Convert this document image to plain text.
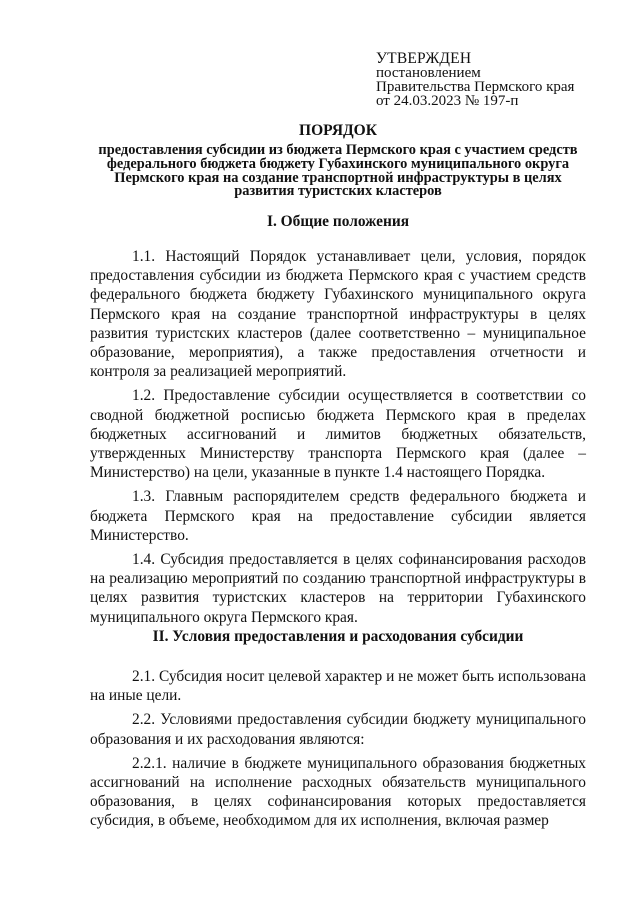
УТВЕРЖДЕН
постановлением
Правительства Пермского края
от 24.03.2023 № 197-п
ПОРЯДОК
предоставления субсидии из бюджета Пермского края с участием средств федерального бюджета бюджету Губахинского муниципального округа Пермского края на создание транспортной инфраструктуры в целях развития туристских кластеров
I. Общие положения

1.1. Настоящий Порядок устанавливает цели, условия, порядок предоставления субсидии из бюджета Пермского края с участием средств федерального бюджета бюджету Губахинского муниципального округа Пермского края на создание транспортной инфраструктуры в целях развития туристских кластеров (далее соответственно – муниципальное образование, мероприятия), а также предоставления отчетности и контроля за реализацией мероприятий.

1.2. Предоставление субсидии осуществляется в соответствии со сводной бюджетной росписью бюджета Пермского края в пределах бюджетных ассигнований и лимитов бюджетных обязательств, утвержденных Министерству транспорта Пермского края (далее – Министерство) на цели, указанные в пункте 1.4 настоящего Порядка.

1.3. Главным распорядителем средств федерального бюджета и бюджета Пермского края на предоставление субсидии является Министерство.

1.4. Субсидия предоставляется в целях софинансирования расходов на реализацию мероприятий по созданию транспортной инфраструктуры в целях развития туристских кластеров на территории Губахинского муниципального округа Пермского края.

II. Условия предоставления и расходования субсидии

2.1. Субсидия носит целевой характер и не может быть использована на иные цели.

2.2. Условиями предоставления субсидии бюджету муниципального образования и их расходования являются:

2.2.1. наличие в бюджете муниципального образования бюджетных ассигнований на исполнение расходных обязательств муниципального образования, в целях софинансирования которых предоставляется субсидия, в объеме, необходимом для их исполнения, включая размер
